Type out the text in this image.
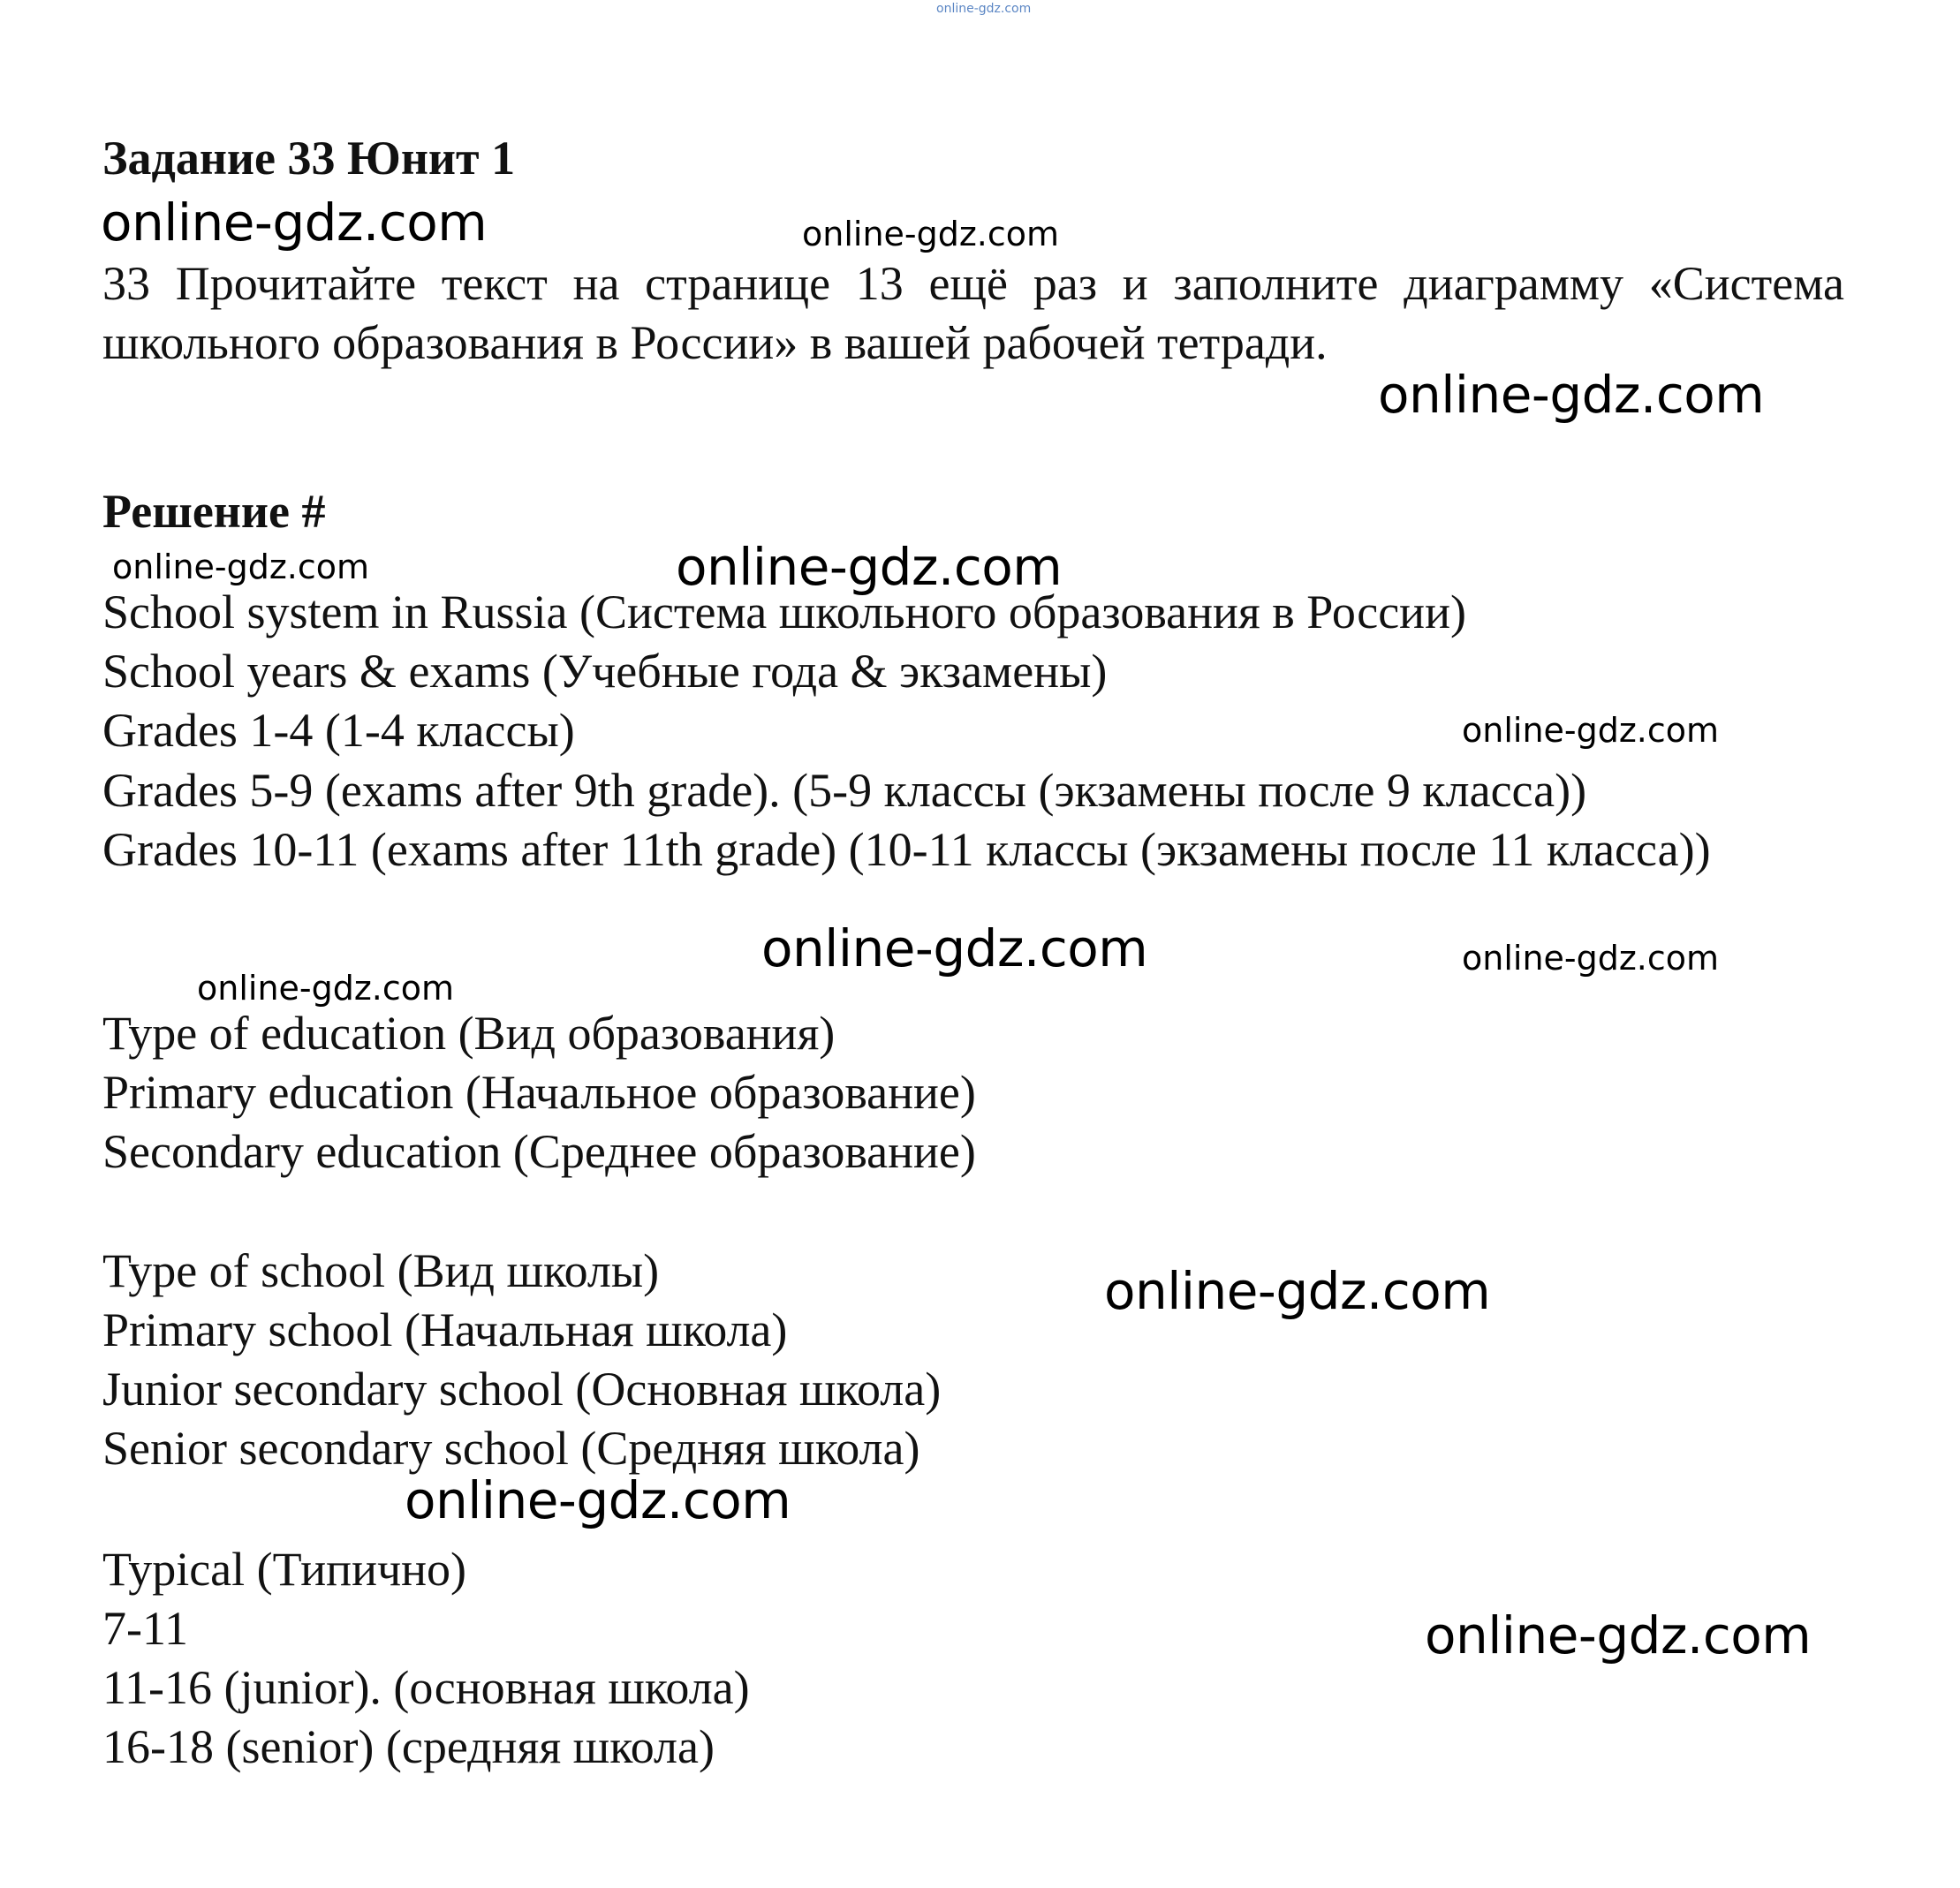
online-gdz.com
Задание 33 Юнит 1
online-gdz.com	online-gdz.com
33 Прочитайте текст на странице 13 ещё раз и заполните диаграмму «Система школьного образования в России» в вашей рабочей тетради.
online-gdz.com
Решение #
online-gdz.com	online-gdz.com
School system in Russia (Система школьного образования в России)
School years & exams (Учебные года & экзамены)
Grades 1-4 (1-4 классы)	online-gdz.com
Grades 5-9 (exams after 9th grade). (5-9 классы (экзамены после 9 класса))
Grades 10-11 (exams after 11th grade) (10-11 классы (экзамены после 11 класса))
online-gdz.com	online-gdz.com
online-gdz.com
Type of education (Вид образования)
Primary education (Начальное образование)
Secondary education (Среднее образование)
Type of school (Вид школы)	online-gdz.com
Primary school (Начальная школа)
Junior secondary school (Основная школа)
Senior secondary school (Средняя школа)
online-gdz.com
Typical (Типично)
7-11	online-gdz.com
11-16 (junior). (основная школа)
16-18 (senior) (средняя школа)
